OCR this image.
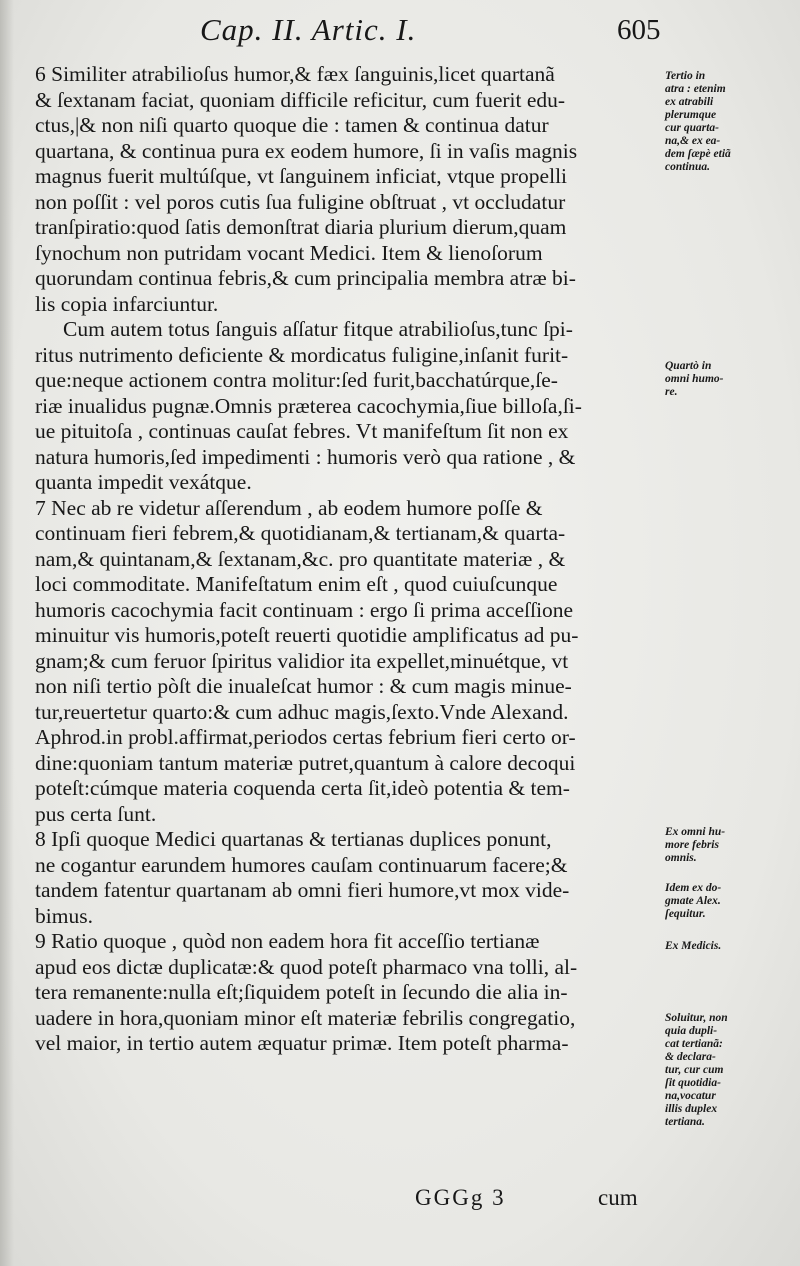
Cap. II. Artic. I.	605
6 Similiter atrabilioſus humor,& fæx ſanguinis,licet quartanã
& ſextanam faciat, quoniam difficile reficitur, cum fuerit edu-
ctus,|& non niſi quarto quoque die : tamen & continua datur
quartana, & continua pura ex eodem humore, ſi in vaſis magnis
magnus fuerit multúſque, vt ſanguinem inficiat, vtque propelli
non poſſit : vel poros cutis ſua fuligine obſtruat , vt occludatur
tranſpiratio:quod ſatis demonſtrat diaria plurium dierum,quam
ſynochum non putridam vocant Medici. Item & lienoſorum
quorundam continua febris,& cum principalia membra atræ bi-
lis copia infarciuntur.
Cum autem totus ſanguis aſſatur fitque atrabilioſus,tunc ſpi-
ritus nutrimento deficiente & mordicatus fuligine,inſanit furit-
que:neque actionem contra molitur:ſed furit,bacchatúrque,ſe-
riæ inualidus pugnæ.Omnis præterea cacochymia,ſiue billoſa,ſi-
ue pituitoſa , continuas cauſat febres. Vt manifeſtum ſit non ex
natura humoris,ſed impedimenti : humoris verò qua ratione , &
quanta impedit vexátque.
7 Nec ab re videtur aſſerendum , ab eodem humore poſſe &
continuam fieri febrem,& quotidianam,& tertianam,& quarta-
nam,& quintanam,& ſextanam,&c. pro quantitate materiæ , &
loci commoditate. Manifeſtatum enim eſt , quod cuiuſcunque
humoris cacochymia facit continuam : ergo ſi prima acceſſione
minuitur vis humoris,poteſt reuerti quotidie amplificatus ad pu-
gnam;& cum feruor ſpiritus validior ita expellet,minuétque, vt
non niſi tertio pòſt die inualeſcat humor : & cum magis minue-
tur,reuertetur quarto:& cum adhuc magis,ſexto.Vnde Alexand.
Aphrod.in probl.affirmat,periodos certas febrium fieri certo or-
dine:quoniam tantum materiæ putret,quantum à calore decoqui
poteſt:cúmque materia coquenda certa ſit,ideò potentia & tem-
pus certa ſunt.
8 Ipſi quoque Medici quartanas & tertianas duplices ponunt,
ne cogantur earundem humores cauſam continuarum facere;&
tandem fatentur quartanam ab omni fieri humore,vt mox vide-
bimus.
9 Ratio quoque , quòd non eadem hora fit acceſſio tertianæ
apud eos dictæ duplicatæ:& quod poteſt pharmaco vna tolli, al-
tera remanente:nulla eſt;ſiquidem poteſt in ſecundo die alia in-
uadere in hora,quoniam minor eſt materiæ febrilis congregatio,
vel maior, in tertio autem æquatur primæ. Item poteſt pharma-
Tertio in
atra : etenim
ex atrabili
plerumque
cur quarta-
na,& ex ea-
dem ſæpè etiã
continua.
Quartò in
omni humo-
re.
Ex omni hu-
more febris
omnis.
Idem ex do-
gmate Alex.
ſequitur.
Ex Medicis.
Soluitur, non
quia dupli-
cat tertianã:
& declara-
tur, cur cum
ſit quotidia-
na,vocatur
illis duplex
tertiana.
GGGg 3	cum
